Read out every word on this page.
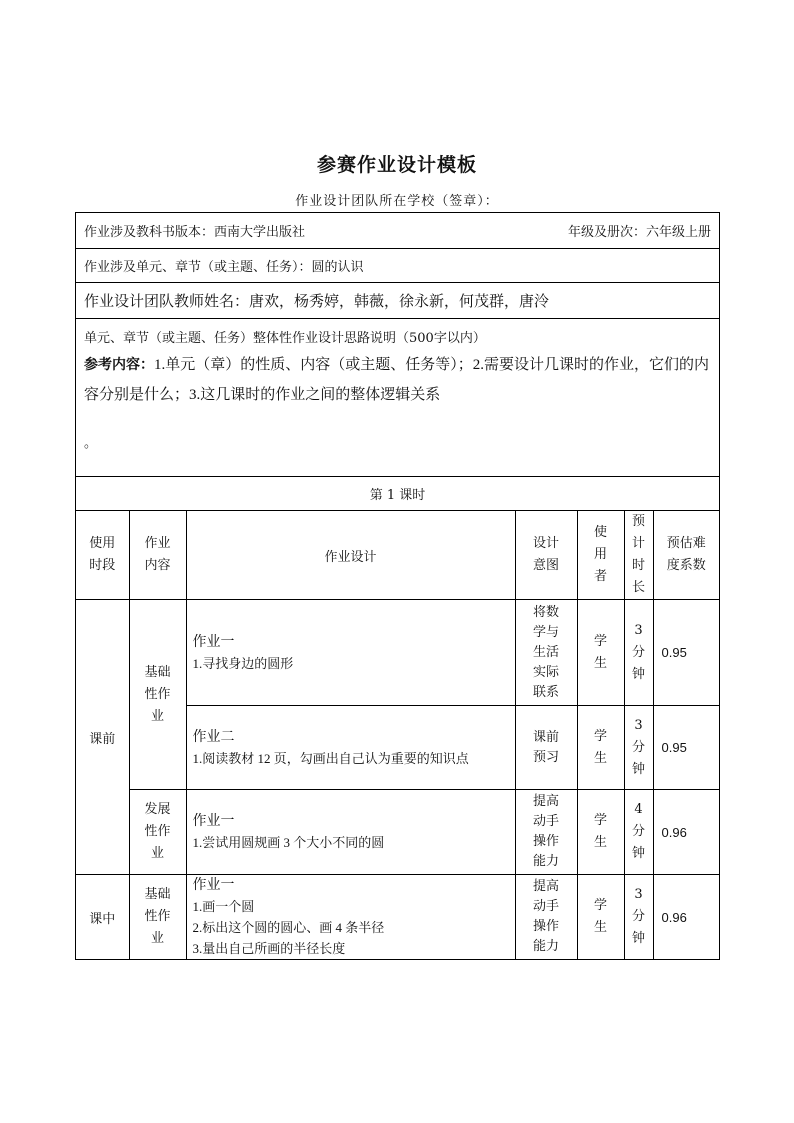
参赛作业设计模板
作业设计团队所在学校（签章）：
作业涉及教科书版本：西南大学出版社	年级及册次：六年级上册
作业涉及单元、章节（或主题、任务）：圆的认识
作业设计团队教师姓名：唐欢，杨秀婷，韩薇，徐永新，何茂群，唐泠
单元、章节（或主题、任务）整体性作业设计思路说明（500字以内）
参考内容：1.单元（章）的性质、内容（或主题、任务等）；2.需要设计几课时的作业，它们的内容分别是什么；3.这几课时的作业之间的整体逻辑关系
。
第 1 课时
使用时段	作业内容	作业设计	设计意图	使用者	预计时长	预估难度系数

课前	基础性作业	作业一
1.寻找身边的圆形	将数学与生活实际联系	学生	3分钟	0.95

		作业二
1.阅读教材 12 页，勾画出自己认为重要的知识点	课前预习	学生	3分钟	0.95

	发展性作业	作业一
1.尝试用圆规画 3 个大小不同的圆	提高动手操作能力	学生	4分钟	0.96
课中	基础性作业	作业一
1.画一个圆
2.标出这个圆的圆心、画 4 条半径
3.量出自己所画的半径长度	提高动手操作能力	学生	3分钟	0.96
